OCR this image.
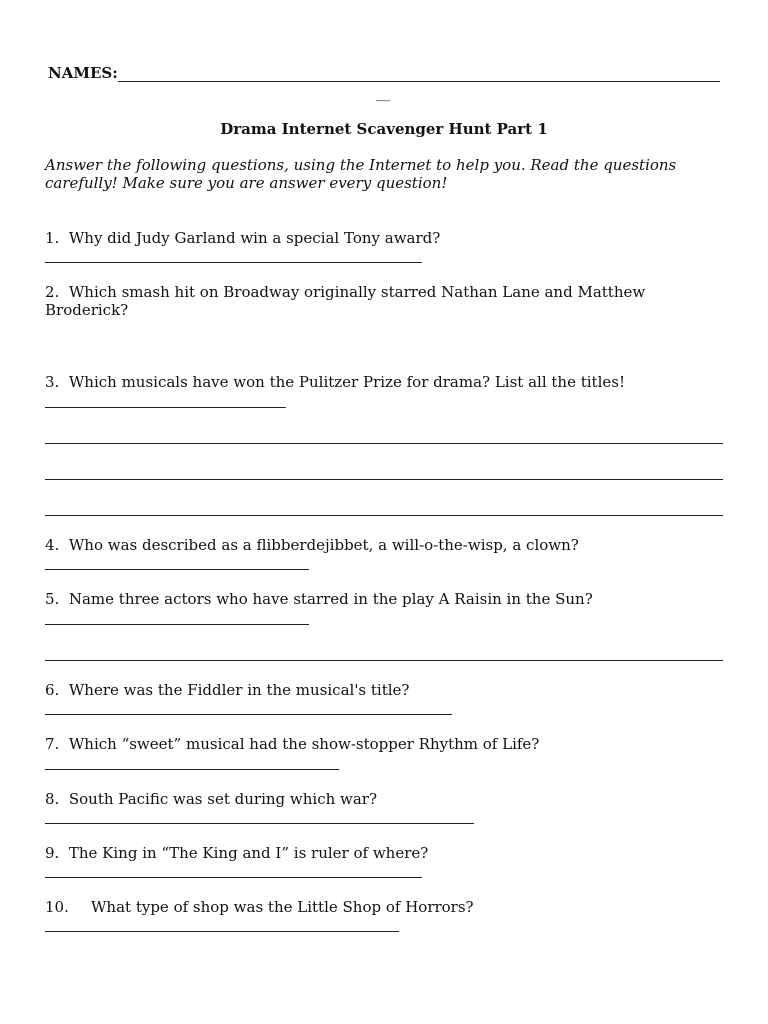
NAMES:
__
Drama Internet Scavenger Hunt Part 1
Answer the following questions, using the Internet to help you. Read the questions carefully! Make sure you are answer every question!
1. Why did Judy Garland win a special Tony award?
2. Which smash hit on Broadway originally starred Nathan Lane and Matthew
Broderick?
3. Which musicals have won the Pulitzer Prize for drama? List all the titles!
4. Who was described as a flibberdejibbet, a will-o-the-wisp, a clown?
5. Name three actors who have starred in the play A Raisin in the Sun?
6. Where was the Fiddler in the musical's title?
7. Which “sweet” musical had the show-stopper Rhythm of Life?
8. South Pacific was set during which war?
9. The King in “The King and I” is ruler of where?
10. What type of shop was the Little Shop of Horrors?
